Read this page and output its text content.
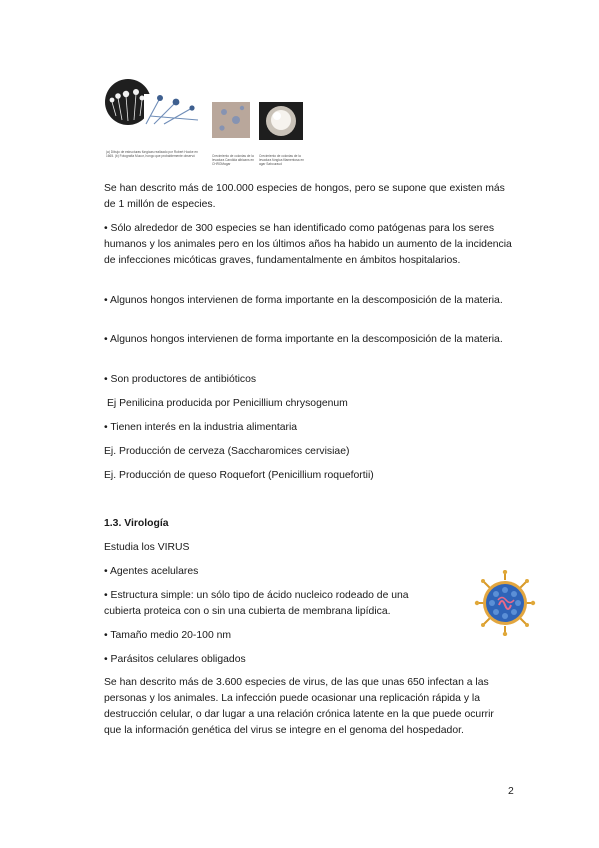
(a) Dibujo de estructuras fúngicas realizado por Robert Hooke en 1665. (b) Fotografía Mucor, hongo que probablemente observó	Crecimiento de colonias de la levadura Candida albicans en CHROMagar
Crecimiento de colonias de la levadura fúngica filamentosa en agar Sabouraud
Se han descrito más de 100.000 especies de hongos, pero se supone que existen más de 1 millón de especies.
• Sólo alrededor de 300 especies se han identificado como patógenas para los seres humanos y los animales pero en los últimos años ha habido un aumento de la incidencia de infecciones micóticas graves, fundamentalmente en ámbitos hospitalarios.
• Algunos hongos intervienen de forma importante en la descomposición de la materia.
• Algunos hongos intervienen de forma importante en la descomposición de la materia.
• Son productores de antibióticos
Ej Penilicina producida por Penicillium chrysogenum
• Tienen interés en la industria alimentaria
Ej. Producción de cerveza (Saccharomices cervisiae)
Ej. Producción de queso Roquefort (Penicillium roquefortii)
1.3. Virología
Estudia los VIRUS
• Agentes acelulares
• Estructura simple: un sólo tipo de ácido nucleico rodeado de una cubierta proteica con o sin una cubierta de membrana lipídica.
• Tamaño medio 20-100 nm
• Parásitos celulares obligados
Se han descrito más de 3.600 especies de virus, de las que unas 650 infectan a las personas y los animales. La infección puede ocasionar una replicación rápida y la destrucción celular, o dar lugar a una relación crónica latente en la que puede ocurrir que la información genética del virus se integre en el genoma del hospedador.
2
